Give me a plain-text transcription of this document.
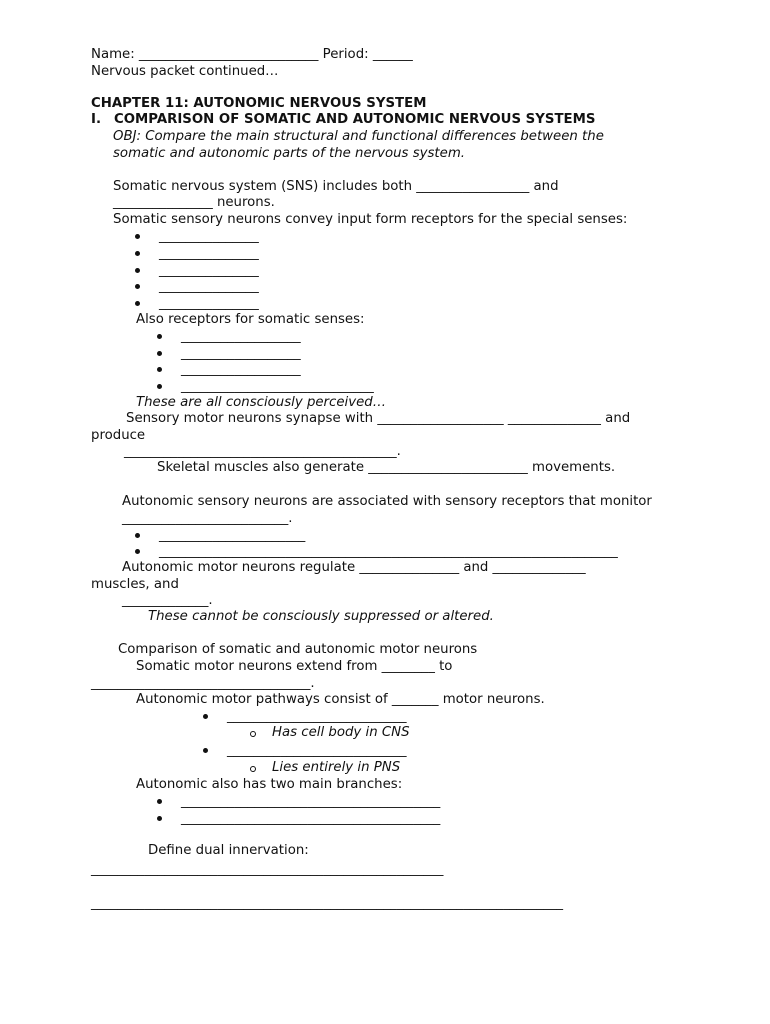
Name: ___________________________ Period: ______
Nervous packet continued…
CHAPTER 11: AUTONOMIC NERVOUS SYSTEM
I. COMPARISON OF SOMATIC AND AUTONOMIC NERVOUS SYSTEMS
OBJ: Compare the main structural and functional differences between the
somatic and autonomic parts of the nervous system.
Somatic nervous system (SNS) includes both _________________ and
_______________ neurons.
Somatic sensory neurons convey input form receptors for the special senses:
_______________
_______________
_______________
_______________
_______________
Also receptors for somatic senses:
__________________
__________________
__________________
_____________________________
These are all consciously perceived…
Sensory motor neurons synapse with ___________________ ______________ and
produce
_________________________________________.
Skeletal muscles also generate ________________________ movements.
Autonomic sensory neurons are associated with sensory receptors that monitor
_________________________.
______________________
_____________________________________________________________________
Autonomic motor neurons regulate _______________ and ______________
muscles, and
_____________.
These cannot be consciously suppressed or altered.
Comparison of somatic and autonomic motor neurons
Somatic motor neurons extend from ________ to
_________________________________.
Autonomic motor pathways consist of _______ motor neurons.
___________________________
Has cell body in CNS
___________________________
Lies entirely in PNS
Autonomic also has two main branches:
_______________________________________
_______________________________________
Define dual innervation:
_____________________________________________________
_______________________________________________________________________
